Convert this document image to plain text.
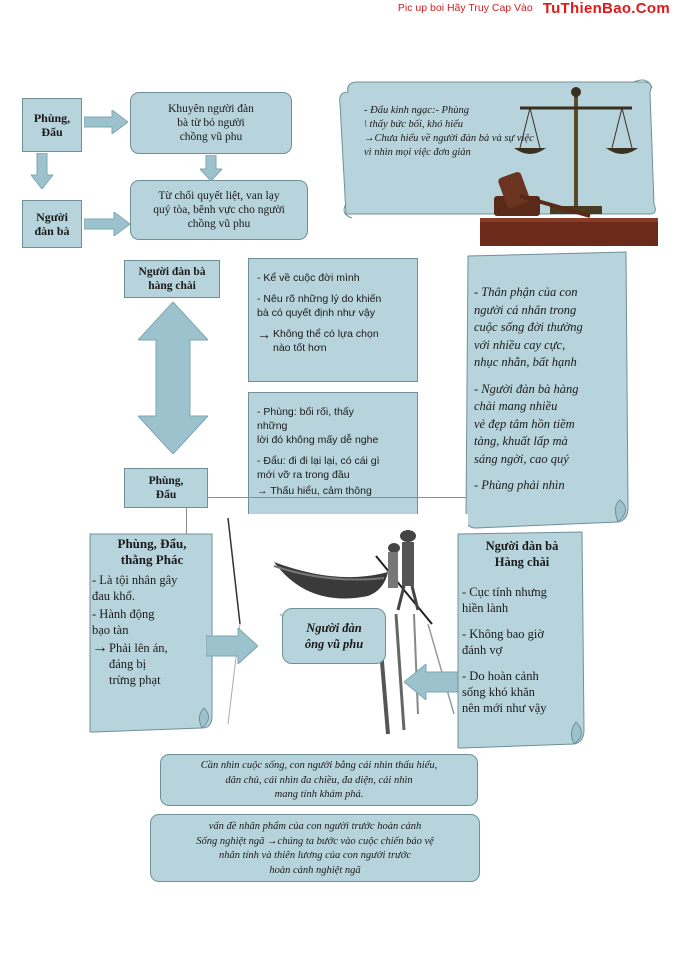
Pic up boi Hãy Truy Cap Vào TuThienBao.Com
Phùng,
Đẩu
Người
đàn bà
Khuyên người đàn
bà từ bỏ người
chồng vũ phu
Từ chối quyết liệt, van lạy
quý tòa, bênh vực cho người
chồng vũ phu
- Đẩu kinh ngạc:- Phùng
\ thấy bức bối, khó hiểu
→Chưa hiểu về người đàn bà và sự việc
vì nhìn mọi việc đơn giản
Người đàn bà
hàng chài
- Kể về cuộc đời mình
- Nêu rõ những lý do khiến
bà có quyết định như vậy
→ Không thể có lựa chọn
nào tốt hơn
- Phùng: bối rối, thấy
những
lời đó không mấy dễ nghe
- Đẩu: đi đi lại lại, có cái gì
mới vỡ ra trong đầu
→ Thấu hiểu, cảm thông
Phùng,
Đẩu
- Thân phận của con
người cá nhân trong
cuộc sống đời thường
với nhiều cay cực,
nhục nhằn, bất hạnh
- Người đàn bà hàng
chài mang nhiều
vẻ đẹp tâm hồn tiềm
tàng, khuất lấp mà
sáng ngời, cao quý
- Phùng phải nhìn
Phùng, Đẩu,
thằng Phác
- Là tội nhân gây
đau khổ.
- Hành động
bạo tàn
→ Phải lên án,
đáng bị
trừng phạt
Người đàn
ông vũ phu
Người đàn bà
Hàng chài
- Cục tính nhưng
hiền lành
- Không bao giờ
đánh vợ
- Do hoàn cảnh
sống khó khăn
nên mới như vậy
Cần nhìn cuộc sống, con người bằng cái nhìn thấu hiểu,
dân chủ, cái nhìn đa chiều, đa diện, cái nhìn
mang tính khám phá.
vấn đề nhân phẩm của con người trước hoàn cảnh
Sống nghiệt ngã →chúng ta bước vào cuộc chiến bảo vệ
nhân tính và thiên lương của con người trước
hoàn cảnh nghiệt ngã
